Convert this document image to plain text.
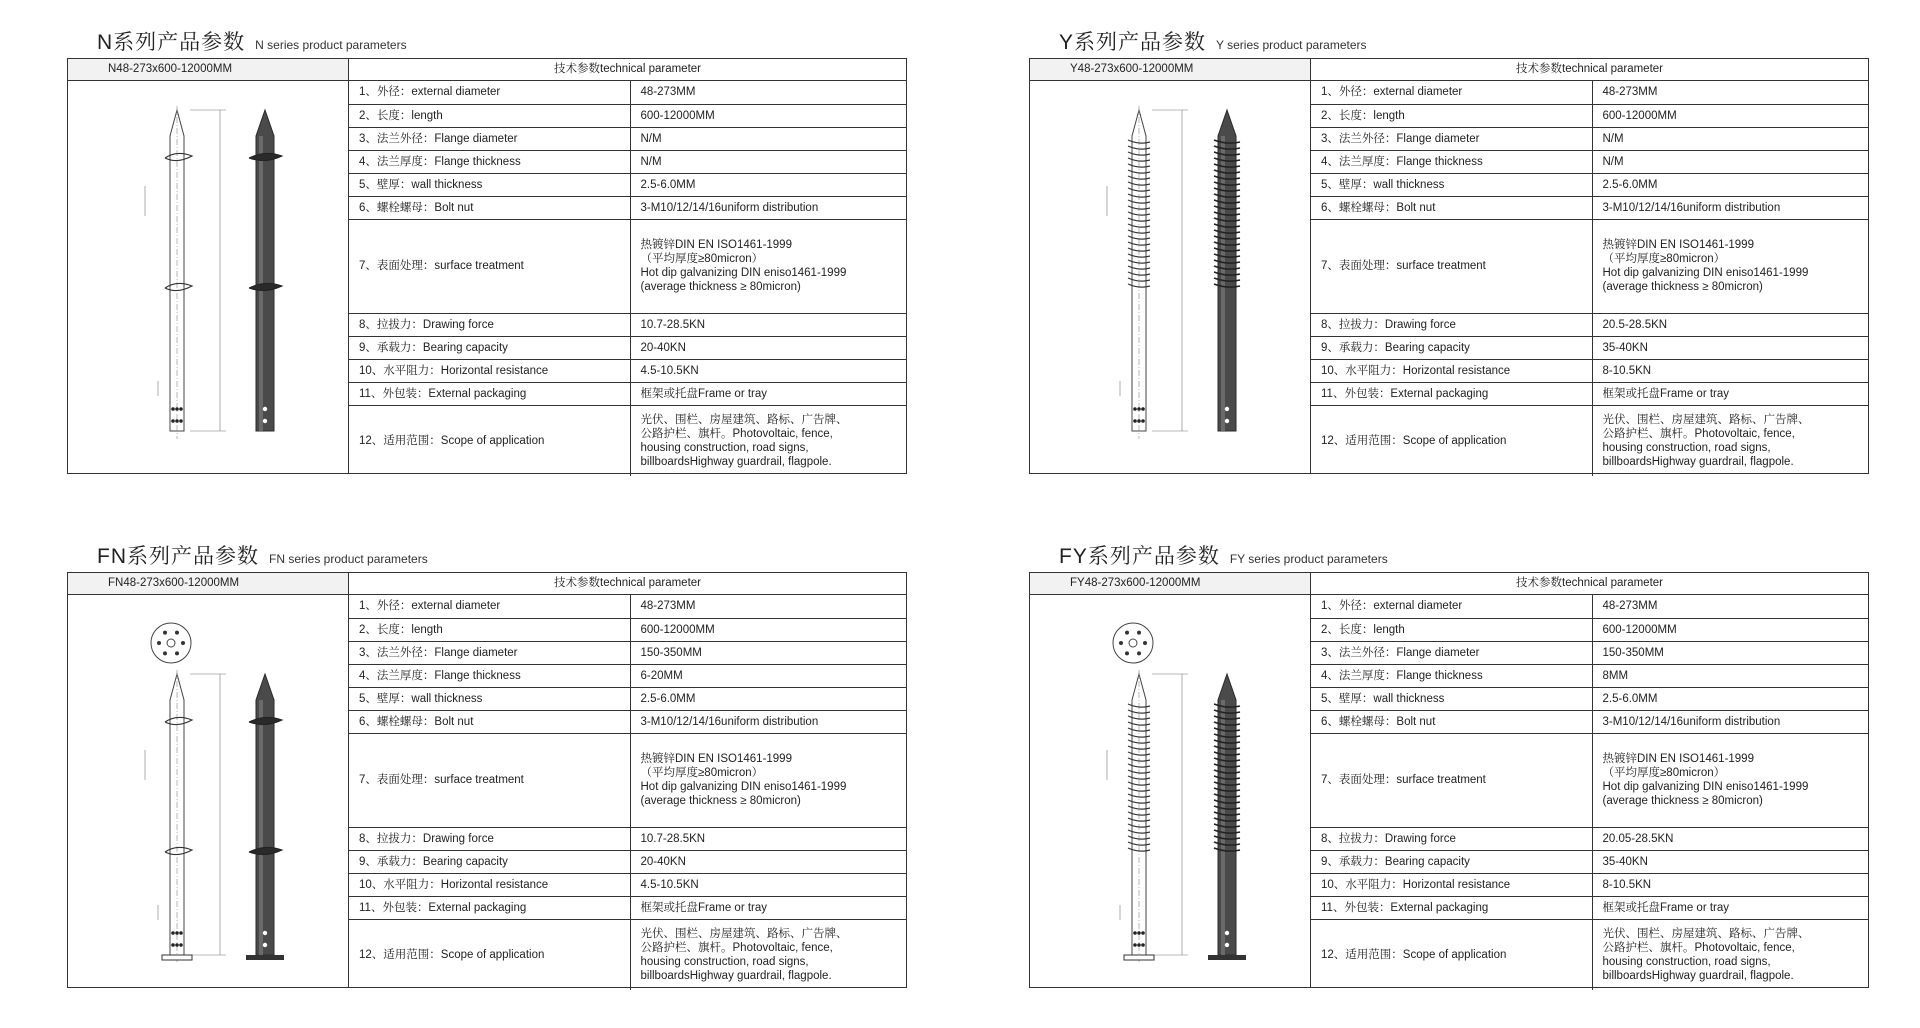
N系列产品参数 N series product parameters
N48-273x600-12000MM	技术参数technical parameter
1、外径：external diameter	48-273MM

2、长度：length	600-12000MM

3、法兰外径：Flange diameter	N/M

4、法兰厚度：Flange thickness	N/M

5、壁厚：wall thickness	2.5-6.0MM

6、螺栓螺母：Bolt nut	3-M10/12/14/16uniform distribution

7、表面处理：surface treatment	热镀锌DIN EN ISO1461-1999
（平均厚度≥80micron）
Hot dip galvanizing DIN eniso1461-1999
(average thickness ≥ 80micron)

8、拉拔力：Drawing force	10.7-28.5KN

9、承载力：Bearing capacity	20-40KN

10、水平阻力：Horizontal resistance	4.5-10.5KN

11、外包装：External packaging	框架或托盘Frame or tray

12、适用范围：Scope of application	光伏、围栏、房屋建筑、路标、广告牌、
公路护栏、旗杆。Photovoltaic, fence,
housing construction, road signs,
billboardsHighway guardrail, flagpole.
Y系列产品参数 Y series product parameters
Y48-273x600-12000MM	技术参数technical parameter
1、外径：external diameter	48-273MM

2、长度：length	600-12000MM

3、法兰外径：Flange diameter	N/M

4、法兰厚度：Flange thickness	N/M

5、壁厚：wall thickness	2.5-6.0MM

6、螺栓螺母：Bolt nut	3-M10/12/14/16uniform distribution

7、表面处理：surface treatment	热镀锌DIN EN ISO1461-1999
（平均厚度≥80micron）
Hot dip galvanizing DIN eniso1461-1999
(average thickness ≥ 80micron)

8、拉拔力：Drawing force	20.5-28.5KN

9、承载力：Bearing capacity	35-40KN

10、水平阻力：Horizontal resistance	8-10.5KN

11、外包装：External packaging	框架或托盘Frame or tray

12、适用范围：Scope of application	光伏、围栏、房屋建筑、路标、广告牌、
公路护栏、旗杆。Photovoltaic, fence,
housing construction, road signs,
billboardsHighway guardrail, flagpole.
FN系列产品参数 FN series product parameters
FN48-273x600-12000MM	技术参数technical parameter
1、外径：external diameter	48-273MM

2、长度：length	600-12000MM

3、法兰外径：Flange diameter	150-350MM

4、法兰厚度：Flange thickness	6-20MM

5、壁厚：wall thickness	2.5-6.0MM

6、螺栓螺母：Bolt nut	3-M10/12/14/16uniform distribution

7、表面处理：surface treatment	热镀锌DIN EN ISO1461-1999
（平均厚度≥80micron）
Hot dip galvanizing DIN eniso1461-1999
(average thickness ≥ 80micron)

8、拉拔力：Drawing force	10.7-28.5KN

9、承载力：Bearing capacity	20-40KN

10、水平阻力：Horizontal resistance	4.5-10.5KN

11、外包装：External packaging	框架或托盘Frame or tray

12、适用范围：Scope of application	光伏、围栏、房屋建筑、路标、广告牌、
公路护栏、旗杆。Photovoltaic, fence,
housing construction, road signs,
billboardsHighway guardrail, flagpole.
FY系列产品参数 FY series product parameters
FY48-273x600-12000MM	技术参数technical parameter
1、外径：external diameter	48-273MM

2、长度：length	600-12000MM

3、法兰外径：Flange diameter	150-350MM

4、法兰厚度：Flange thickness	8MM

5、壁厚：wall thickness	2.5-6.0MM

6、螺栓螺母：Bolt nut	3-M10/12/14/16uniform distribution

7、表面处理：surface treatment	热镀锌DIN EN ISO1461-1999
（平均厚度≥80micron）
Hot dip galvanizing DIN eniso1461-1999
(average thickness ≥ 80micron)

8、拉拔力：Drawing force	20.05-28.5KN

9、承载力：Bearing capacity	35-40KN

10、水平阻力：Horizontal resistance	8-10.5KN

11、外包装：External packaging	框架或托盘Frame or tray

12、适用范围：Scope of application	光伏、围栏、房屋建筑、路标、广告牌、
公路护栏、旗杆。Photovoltaic, fence,
housing construction, road signs,
billboardsHighway guardrail, flagpole.
